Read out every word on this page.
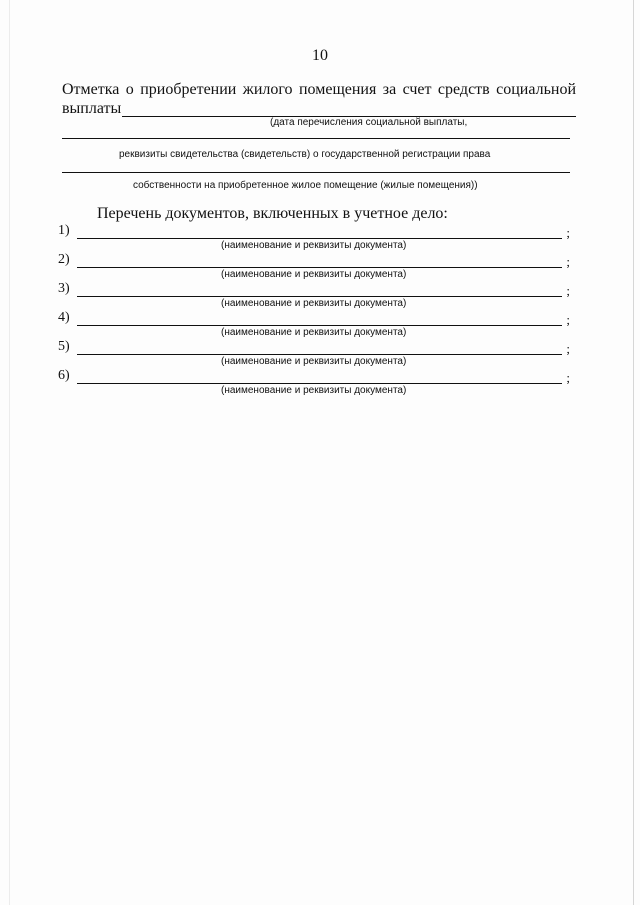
10
Отметка о приобретении жилого помещения за счет средств социальной
выплаты
(дата перечисления социальной выплаты,
реквизиты свидетельства (свидетельств) о государственной регистрации права
собственности на приобретенное жилое помещение (жилые помещения))
Перечень документов, включенных в учетное дело:
1)	;
(наименование и реквизиты документа)
2)	;
(наименование и реквизиты документа)
3)	;
(наименование и реквизиты документа)
4)	;
(наименование и реквизиты документа)
5)	;
(наименование и реквизиты документа)
6)	;
(наименование и реквизиты документа)
